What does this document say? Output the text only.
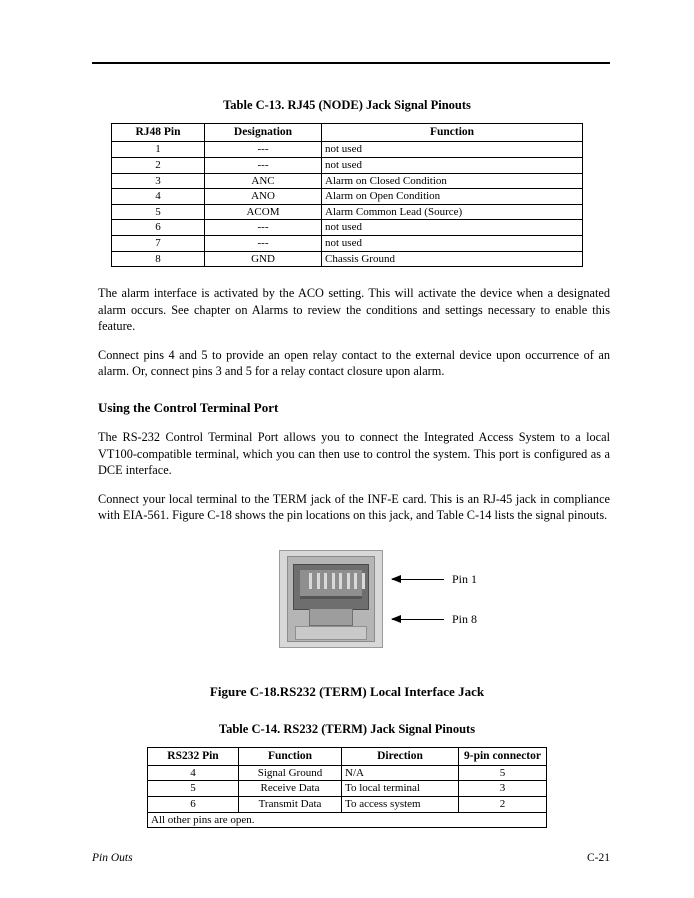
Table C-13. RJ45 (NODE) Jack Signal Pinouts
RJ48 Pin	Designation	Function
1	---	not used
2	---	not used
3	ANC	Alarm on Closed Condition
4	ANO	Alarm on Open Condition
5	ACOM	Alarm Common Lead (Source)
6	---	not used
7	---	not used
8	GND	Chassis Ground

The alarm interface is activated by the ACO setting. This will activate the device when a designated alarm occurs. See chapter on Alarms to review the conditions and settings necessary to enable this feature.

Connect pins 4 and 5 to provide an open relay contact to the external device upon occurrence of an alarm. Or, connect pins 3 and 5 for a relay contact closure upon alarm.

Using the Control Terminal Port

The RS-232 Control Terminal Port allows you to connect the Integrated Access System to a local VT100-compatible terminal, which you can then use to control the system. This port is configured as a DCE interface.

Connect your local terminal to the TERM jack of the INF-E card. This is an RJ-45 jack in compliance with EIA-561. Figure C-18 shows the pin locations on this jack, and Table C-14 lists the signal pinouts.

Pin 1
Pin 8
Figure C-18.RS232 (TERM) Local Interface Jack
Table C-14. RS232 (TERM) Jack Signal Pinouts
RS232 Pin	Function	Direction	9-pin connector
4	Signal Ground	N/A	5
5	Receive Data	To local terminal	3
6	Transmit Data	To access system	2
All other pins are open.			
Pin Outs	C-21
